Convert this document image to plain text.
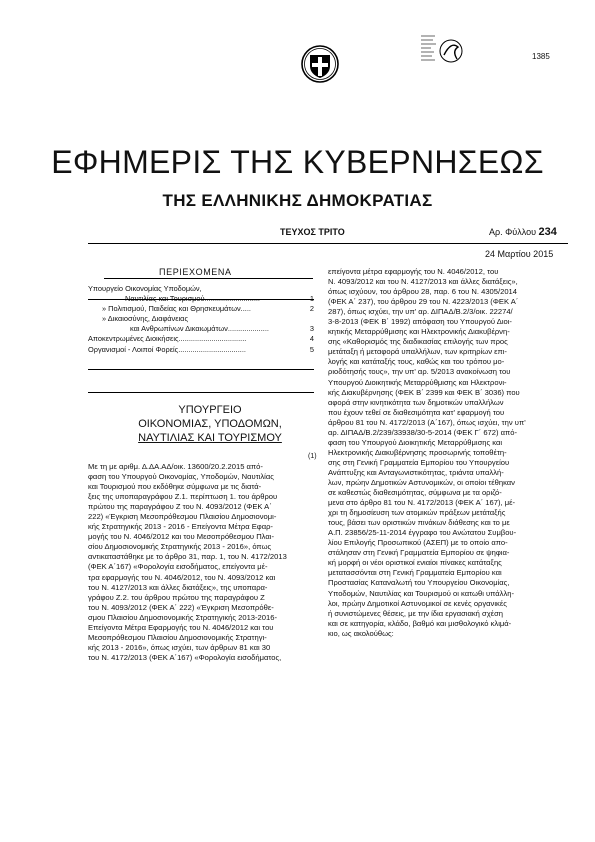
1385
ΕΦΗΜΕΡΙΣ ΤΗΣ ΚΥΒΕΡΝΗΣΕΩΣ
ΤΗΣ ΕΛΛΗΝΙΚΗΣ ΔΗΜΟΚΡΑΤΙΑΣ
ΤΕΥΧΟΣ ΤΡΙΤΟ	Αρ. Φύλλου 234
24 Μαρτίου 2015
ΠΕΡΙΕΧΟΜΕΝΑ
Υπουργείο Οικονομίας Υποδομών,
Ναυτιλίας και Τουρισμού...........................	1
» Πολιτισμού, Παιδείας και Θρησκευμάτων.....	2
» Δικαιοσύνης, Διαφάνειας
και Ανθρωπίνων Δικαιωμάτων....................	3
Αποκεντρωμένες Διοικήσεις.................................	4
Οργανισμοί - Λοιποί Φορείς.................................	5
ΥΠΟΥΡΓΕΙΟ
ΟΙΚΟΝΟΜΙΑΣ, ΥΠΟΔΟΜΩΝ,
ΝΑΥΤΙΛΙΑΣ ΚΑΙ ΤΟΥΡΙΣΜΟΥ
(1)
Με τη με αριθμ. Δ.ΔΑ.ΑΔ/οικ. 13600/20.2.2015 από-
φαση του Υπουργού Οικονομίας, Υποδομών, Ναυτιλίας
και Τουρισμού που εκδόθηκε σύμφωνα με τις διατά-
ξεις της υποπαραγράφου Ζ.1. περίπτωση 1. του άρθρου
πρώτου της παραγράφου Ζ του Ν. 4093/2012 (ΦΕΚ Α΄
222) «Έγκριση Μεσοπρόθεσμου Πλαισίου Δημοσιονομι-
κής Στρατηγικής 2013 - 2016 - Επείγοντα Μέτρα Εφαρ-
μογής του Ν. 4046/2012 και του Μεσοπρόθεσμου Πλαι-
σίου Δημοσιονομικής Στρατηγικής 2013 - 2016», όπως
αντικαταστάθηκε με το άρθρο 31, παρ. 1, του Ν. 4172/2013
(ΦΕΚ Α΄167) «Φορολογία εισοδήματος, επείγοντα μέ-
τρα εφαρμογής του Ν. 4046/2012, του Ν. 4093/2012 και
του Ν. 4127/2013 και άλλες διατάξεις», της υποπαρα-
γράφου Ζ.2. του άρθρου πρώτου της παραγράφου Ζ
του Ν. 4093/2012 (ΦΕΚ Α΄ 222) «Έγκριση Μεσοπρόθε-
σμου Πλαισίου Δημοσιονομικής Στρατηγικής 2013-2016-
Επείγοντα Μέτρα Εφαρμογής του Ν. 4046/2012 και του
Μεσοπρόθεσμου Πλαισίου Δημοσιονομικής Στρατηγι-
κής 2013 - 2016», όπως ισχύει, των άρθρων 81 και 30
του Ν. 4172/2013 (ΦΕΚ Α΄167) «Φορολογία εισοδήματος,
επείγοντα μέτρα εφαρμογής του Ν. 4046/2012, του
Ν. 4093/2012 και του Ν. 4127/2013 και άλλες διατάξεις»,
όπως ισχύουν, του άρθρου 28, παρ. 6 του Ν. 4305/2014
(ΦΕΚ Α΄ 237), του άρθρου 29 του Ν. 4223/2013 (ΦΕΚ Α΄
287), όπως ισχύει, την υπ' αρ. ΔΙΠΑΔ/Β.2/3/οικ. 22274/
3-8-2013 (ΦΕΚ Β΄ 1992) απόφαση του Υπουργού Διοι-
κητικής Μεταρρύθμισης και Ηλεκτρονικής Διακυβέρνη-
σης «Καθορισμός της διαδικασίας επιλογής των προς
μετάταξη ή μεταφορά υπαλλήλων, των κριτηρίων επι-
λογής και κατάταξής τους, καθώς και του τρόπου μο-
ριοδότησής τους», την υπ' αρ. 5/2013 ανακοίνωση του
Υπουργού Διοικητικής Μεταρρύθμισης και Ηλεκτρονι-
κής Διακυβέρνησης (ΦΕΚ Β΄ 2399 και ΦΕΚ Β΄ 3036) που
αφορά στην κινητικότητα των δημοτικών υπαλλήλων
που έχουν τεθεί σε διαθεσιμότητα κατ' εφαρμογή του
άρθρου 81 του Ν. 4172/2013 (Α΄167), όπως ισχύει, την υπ'
αρ. ΔΙΠΑΔ/Β.2/239/33938/30-5-2014 (ΦΕΚ Γ΄ 672) από-
φαση του Υπουργού Διοικητικής Μεταρρύθμισης και
Ηλεκτρονικής Διακυβέρνησης προσωρινής τοποθέτη-
σης στη Γενική Γραμματεία Εμπορίου του Υπουργείου
Ανάπτυξης και Ανταγωνιστικότητας, τριάντα υπαλλή-
λων, πρώην Δημοτικών Αστυνομικών, οι οποίοι τέθηκαν
σε καθεστώς διαθεσιμότητας, σύμφωνα με τα οριζό-
μενα στο άρθρο 81 του Ν. 4172/2013 (ΦΕΚ Α΄ 167), μέ-
χρι τη δημοσίευση των ατομικών πράξεων μετάταξής
τους, βάσει των οριστικών πινάκων διάθεσης και το με
Α.Π. 23856/25-11-2014 έγγραφο του Ανώτατου Συμβου-
λίου Επιλογής Προσωπικού (ΑΣΕΠ) με το οποίο απο-
στάλησαν στη Γενική Γραμματεία Εμπορίου σε ψηφια-
κή μορφή οι νέοι οριστικοί ενιαίοι πίνακες κατάταξης
μετατασσόνται στη Γενική Γραμματεία Εμπορίου και
Προστασίας Καταναλωτή του Υπουργείου Οικονομίας,
Υποδομών, Ναυτιλίας και Τουρισμού οι κατωθι υπάλλη-
λοι, πρώην Δημοτικοί Αστυνομικοί σε κενές οργανικές
ή συνιστώμενες θέσεις, με την ίδια εργασιακή σχέση
και σε κατηγορία, κλάδο, βαθμό και μισθολογικό κλιμά-
κιο, ως ακολούθως:
